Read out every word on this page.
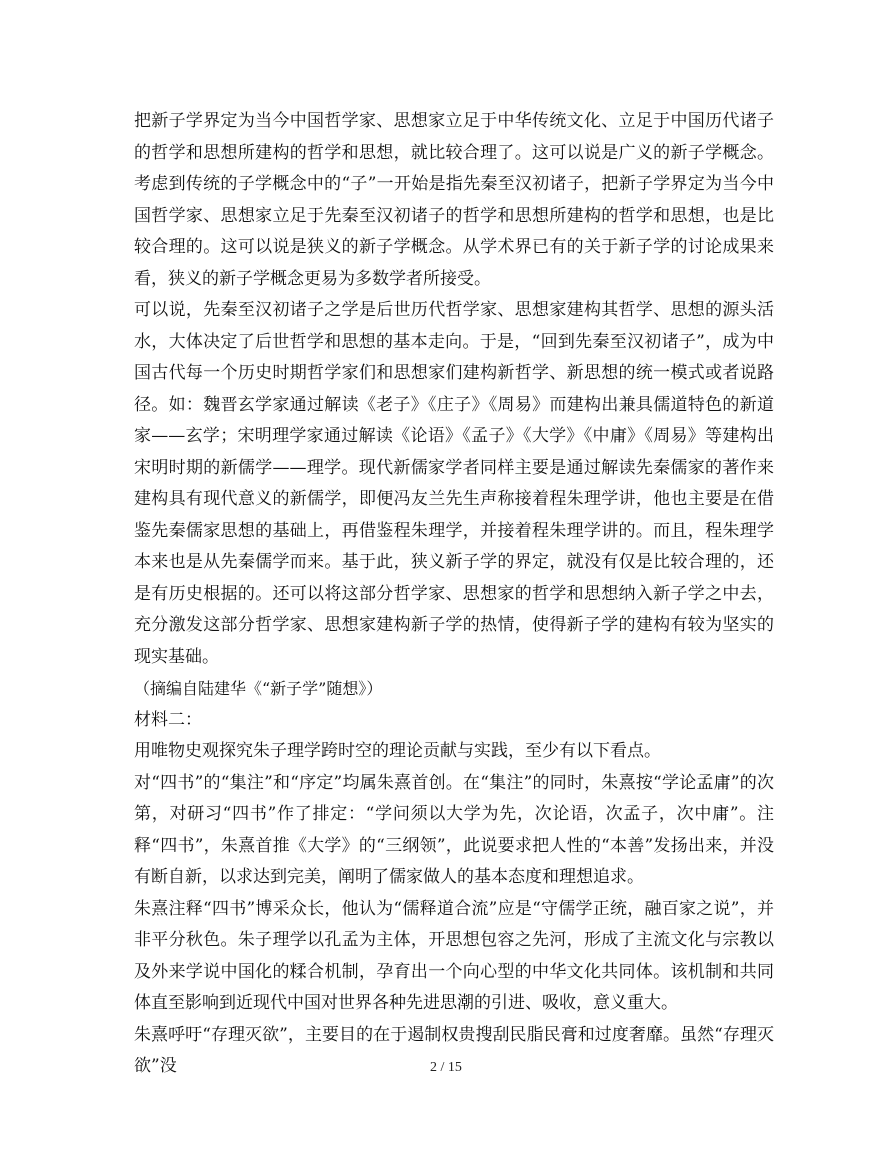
把新子学界定为当今中国哲学家、思想家立足于中华传统文化、立足于中国历代诸子的哲学和思想所建构的哲学和思想，就比较合理了。这可以说是广义的新子学概念。考虑到传统的子学概念中的“子”一开始是指先秦至汉初诸子，把新子学界定为当今中国哲学家、思想家立足于先秦至汉初诸子的哲学和思想所建构的哲学和思想，也是比较合理的。这可以说是狭义的新子学概念。从学术界已有的关于新子学的讨论成果来看，狭义的新子学概念更易为多数学者所接受。

可以说，先秦至汉初诸子之学是后世历代哲学家、思想家建构其哲学、思想的源头活水，大体决定了后世哲学和思想的基本走向。于是，“回到先秦至汉初诸子”，成为中国古代每一个历史时期哲学家们和思想家们建构新哲学、新思想的统一模式或者说路径。如：魏晋玄学家通过解读《老子》《庄子》《周易》而建构出兼具儒道特色的新道家——玄学；宋明理学家通过解读《论语》《孟子》《大学》《中庸》《周易》等建构出宋明时期的新儒学——理学。现代新儒家学者同样主要是通过解读先秦儒家的著作来建构具有现代意义的新儒学，即便冯友兰先生声称接着程朱理学讲，他也主要是在借鉴先秦儒家思想的基础上，再借鉴程朱理学，并接着程朱理学讲的。而且，程朱理学本来也是从先秦儒学而来。基于此，狭义新子学的界定，就没有仅是比较合理的，还是有历史根据的。还可以将这部分哲学家、思想家的哲学和思想纳入新子学之中去，充分激发这部分哲学家、思想家建构新子学的热情，使得新子学的建构有较为坚实的现实基础。

（摘编自陆建华《“新子学”随想》）

材料二：

用唯物史观探究朱子理学跨时空的理论贡献与实践，至少有以下看点。

对“四书”的“集注”和“序定”均属朱熹首创。在“集注”的同时，朱熹按“学论孟庸”的次第，对研习“四书”作了排定：“学问须以大学为先，次论语，次孟子，次中庸”。注释“四书”，朱熹首推《大学》的“三纲领”，此说要求把人性的“本善”发扬出来，并没有断自新，以求达到完美，阐明了儒家做人的基本态度和理想追求。

朱熹注释“四书”博采众长，他认为“儒释道合流”应是“守儒学正统，融百家之说”，并非平分秋色。朱子理学以孔孟为主体，开思想包容之先河，形成了主流文化与宗教以及外来学说中国化的糅合机制，孕育出一个向心型的中华文化共同体。该机制和共同体直至影响到近现代中国对世界各种先进思潮的引进、吸收，意义重大。

朱熹呼吁“存理灭欲”，主要目的在于遏制权贵搜刮民脂民膏和过度奢靡。虽然“存理灭欲”没	2 / 15
